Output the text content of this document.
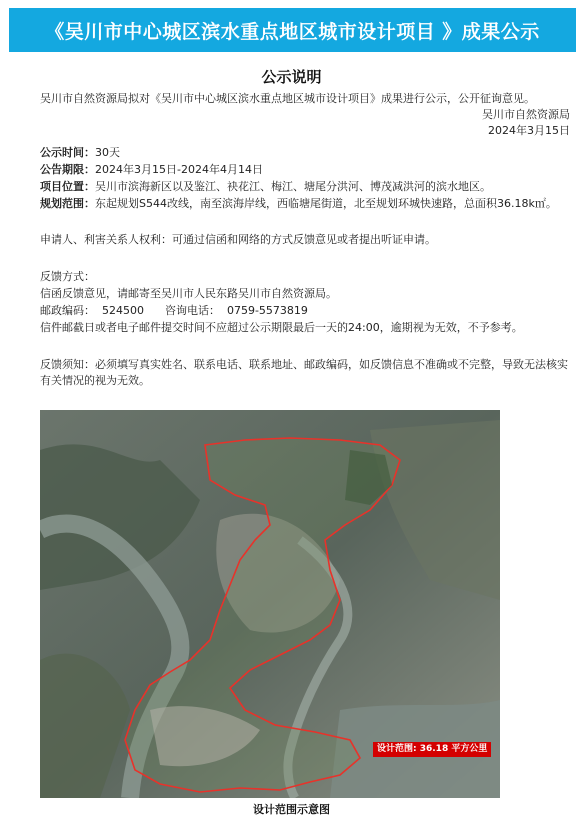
《吴川市中心城区滨水重点地区城市设计项目 》成果公示
公示说明
吴川市自然资源局拟对《吴川市中心城区滨水重点地区城市设计项目》成果进行公示，公开征询意见。
吴川市自然资源局
2024年3月15日
公示时间：30天
公告期限：2024年3月15日-2024年4月14日
项目位置：吴川市滨海新区以及鉴江、袂花江、梅江、塘尾分洪河、博茂减洪河的滨水地区。
规划范围：东起规划S544改线，南至滨海岸线，西临塘尾街道，北至规划环城快速路，总面积36.18k㎡。
申请人、利害关系人权利：可通过信函和网络的方式反馈意见或者提出听证申请。
反馈方式：
信函反馈意见，请邮寄至吴川市人民东路吴川市自然资源局。
邮政编码：  524500      咨询电话：  0759-5573819
信件邮截日或者电子邮件提交时间不应超过公示期限最后一天的24:00，逾期视为无效，不予参考。
反馈须知：必须填写真实姓名、联系电话、联系地址、邮政编码，如反馈信息不准确或不完整，导致无法核实有关情况的视为无效。
设计范围: 36.18 平方公里
设计范围示意图
